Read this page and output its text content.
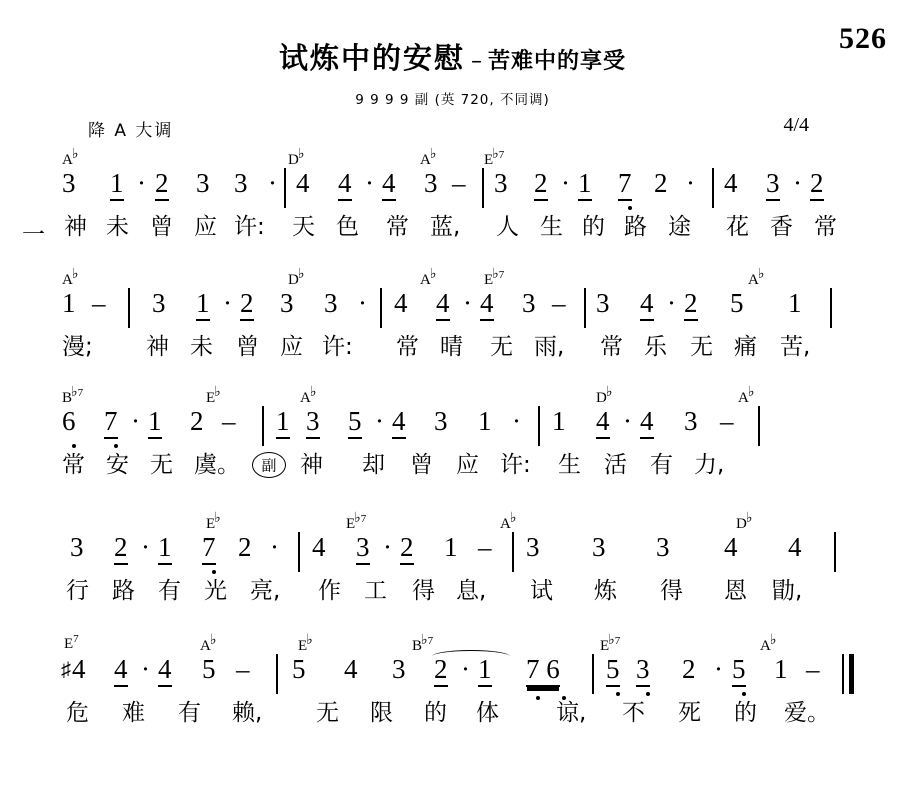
526
试炼中的安慰 – 苦难中的享受
9 9 9 9 副 (英 720, 不同调)
降 A 大调	4/4
A♭	D♭	A♭	E♭$^7$
3 1 · 2 3 3 · 4 4 · 4 3 – 3 2 · 1 7 2 · 4 3 · 2
一 神 未 曾 应 许: 天 色 常 蓝, 人 生 的 路 途 花 香 常
A♭	D♭	A♭	E♭$^7$	A♭
1 – 3 1 · 2 3 3 · 4 4 · 4 3 – 3 4 · 2 5 1
漫; 神 未 曾 应 许: 常 晴 无 雨, 常 乐 无 痛 苦,
B♭$^7$	E♭	A♭	D♭	A♭
6 7 · 1 2 – 1 3 5 · 4 3 1 · 1 4 · 4 3 –
常 安 无 虞。 副 神 却 曾 应 许: 生 活 有 力,
E♭	E♭$^7$	A♭	D♭
3 2 · 1 7 2 · 4 3 · 2 1 – 3 3 3 4 4
行 路 有 光 亮, 作 工 得 息, 试 炼 得 恩 勖,
$E^7$	A♭	E♭	B♭$^7$	E♭$^7$	A♭
♯ 4 4 · 4 5 – 5 4 3 2 · 1 7 6 5 3 2 · 5 1 –
危 难 有 赖, 无 限 的 体 谅, 不 死 的 爱。
